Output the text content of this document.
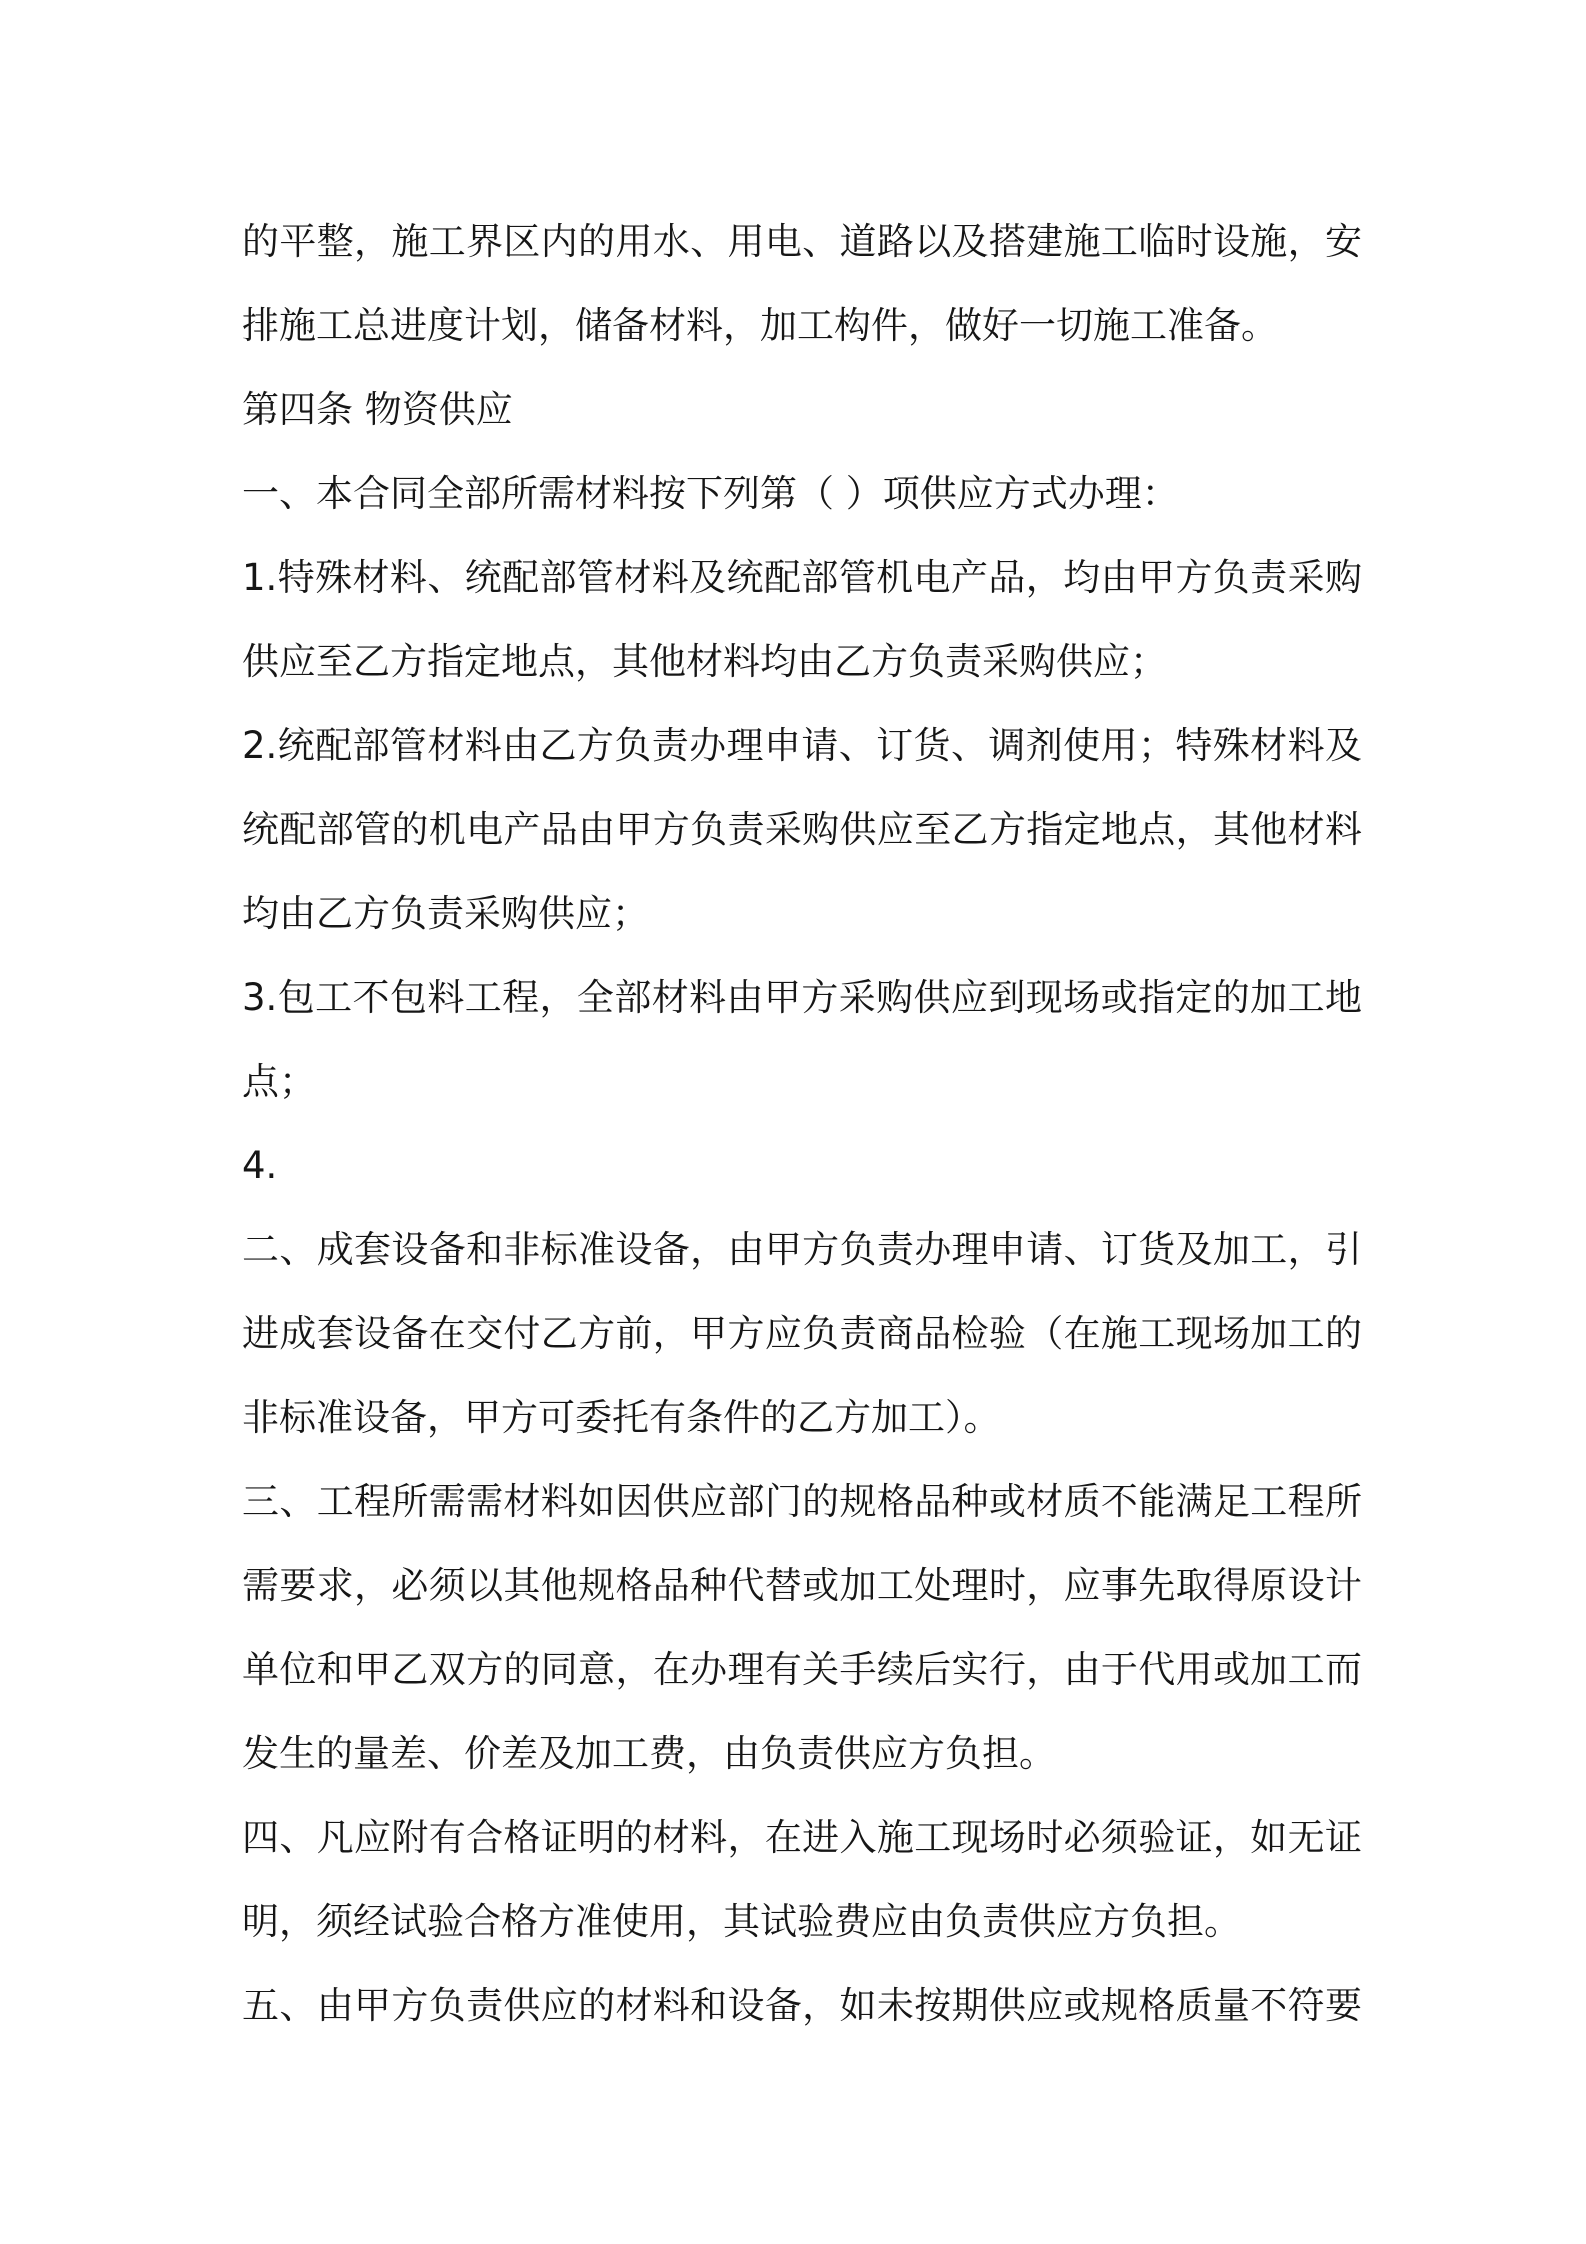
的平整，施工界区内的用水、用电、道路以及搭建施工临时设施，安
排施工总进度计划，储备材料，加工构件，做好一切施工准备。
第四条 物资供应
一、本合同全部所需材料按下列第（ ）项供应方式办理：
1.特殊材料、统配部管材料及统配部管机电产品，均由甲方负责采购
供应至乙方指定地点，其他材料均由乙方负责采购供应；
2.统配部管材料由乙方负责办理申请、订货、调剂使用；特殊材料及
统配部管的机电产品由甲方负责采购供应至乙方指定地点，其他材料
均由乙方负责采购供应；
3.包工不包料工程，全部材料由甲方采购供应到现场或指定的加工地
点；
4.
二、成套设备和非标准设备，由甲方负责办理申请、订货及加工，引
进成套设备在交付乙方前，甲方应负责商品检验（在施工现场加工的
非标准设备，甲方可委托有条件的乙方加工）。
三、工程所需需材料如因供应部门的规格品种或材质不能满足工程所
需要求，必须以其他规格品种代替或加工处理时，应事先取得原设计
单位和甲乙双方的同意，在办理有关手续后实行，由于代用或加工而
发生的量差、价差及加工费，由负责供应方负担。
四、凡应附有合格证明的材料，在进入施工现场时必须验证，如无证
明，须经试验合格方准使用，其试验费应由负责供应方负担。
五、由甲方负责供应的材料和设备，如未按期供应或规格质量不符要
